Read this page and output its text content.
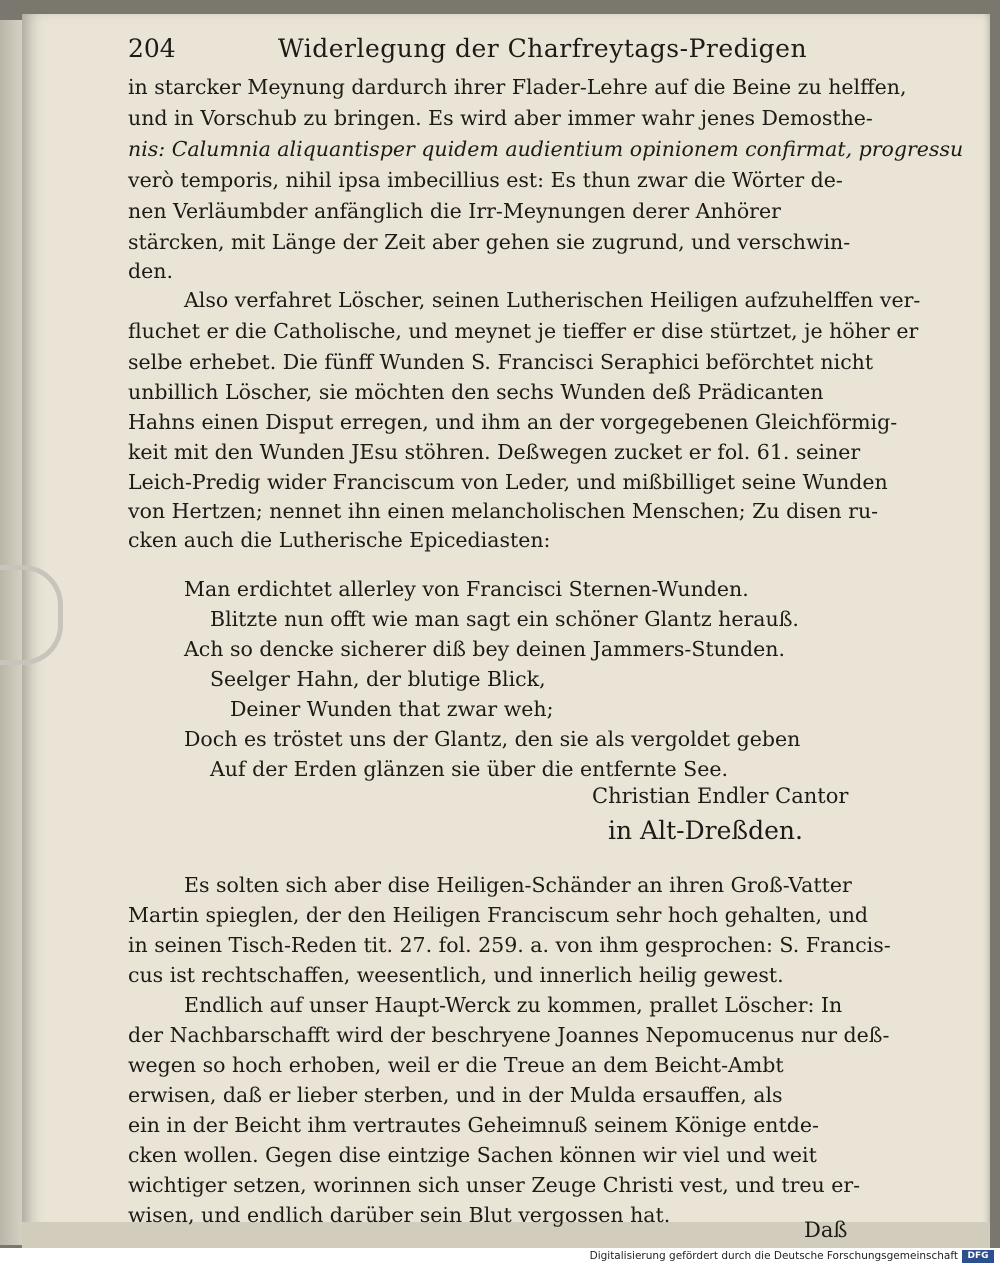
204	Widerlegung der Charfreytags-Predigen
in starcker Meynung dardurch ihrer Flader-Lehre auf die Beine zu helffen,
und in Vorschub zu bringen. Es wird aber immer wahr jenes Demosthe-
nis: Calumnia aliquantisper quidem audientium opinionem confirmat, progressu
verò temporis, nihil ipsa imbecillius est: Es thun zwar die Wörter de-
nen Verläumbder anfänglich die Irr-Meynungen derer Anhörer
stärcken, mit Länge der Zeit aber gehen sie zugrund, und verschwin-
den.
Also verfahret Löscher, seinen Lutherischen Heiligen aufzuhelffen ver-
fluchet er die Catholische, und meynet je tieffer er dise stürtzet, je höher er
selbe erhebet. Die fünff Wunden S. Francisci Seraphici beförchtet nicht
unbillich Löscher, sie möchten den sechs Wunden deß Prädicanten
Hahns einen Disput erregen, und ihm an der vorgegebenen Gleichförmig-
keit mit den Wunden JEsu stöhren. Deßwegen zucket er fol. 61. seiner
Leich-Predig wider Franciscum von Leder, und mißbilliget seine Wunden
von Hertzen; nennet ihn einen melancholischen Menschen; Zu disen ru-
cken auch die Lutherische Epicediasten:
Man erdichtet allerley von Francisci Sternen-Wunden.
Blitzte nun offt wie man sagt ein schöner Glantz herauß.
Ach so dencke sicherer diß bey deinen Jammers-Stunden.
Seelger Hahn, der blutige Blick,
Deiner Wunden that zwar weh;
Doch es tröstet uns der Glantz, den sie als vergoldet geben
Auf der Erden glänzen sie über die entfernte See.
Christian Endler Cantor
in Alt-Dreßden.
Es solten sich aber dise Heiligen-Schänder an ihren Groß-Vatter
Martin spieglen, der den Heiligen Franciscum sehr hoch gehalten, und
in seinen Tisch-Reden tit. 27. fol. 259. a. von ihm gesprochen: S. Francis-
cus ist rechtschaffen, weesentlich, und innerlich heilig gewest.
Endlich auf unser Haupt-Werck zu kommen, prallet Löscher: In
der Nachbarschafft wird der beschryene Joannes Nepomucenus nur deß-
wegen so hoch erhoben, weil er die Treue an dem Beicht-Ambt
erwisen, daß er lieber sterben, und in der Mulda ersauffen, als
ein in der Beicht ihm vertrautes Geheimnuß seinem Könige entde-
cken wollen. Gegen dise eintzige Sachen können wir viel und weit
wichtiger setzen, worinnen sich unser Zeuge Christi vest, und treu er-
wisen, und endlich darüber sein Blut vergossen hat.
Daß
Digitalisierung gefördert durch die Deutsche Forschungsgemeinschaft	DFG
